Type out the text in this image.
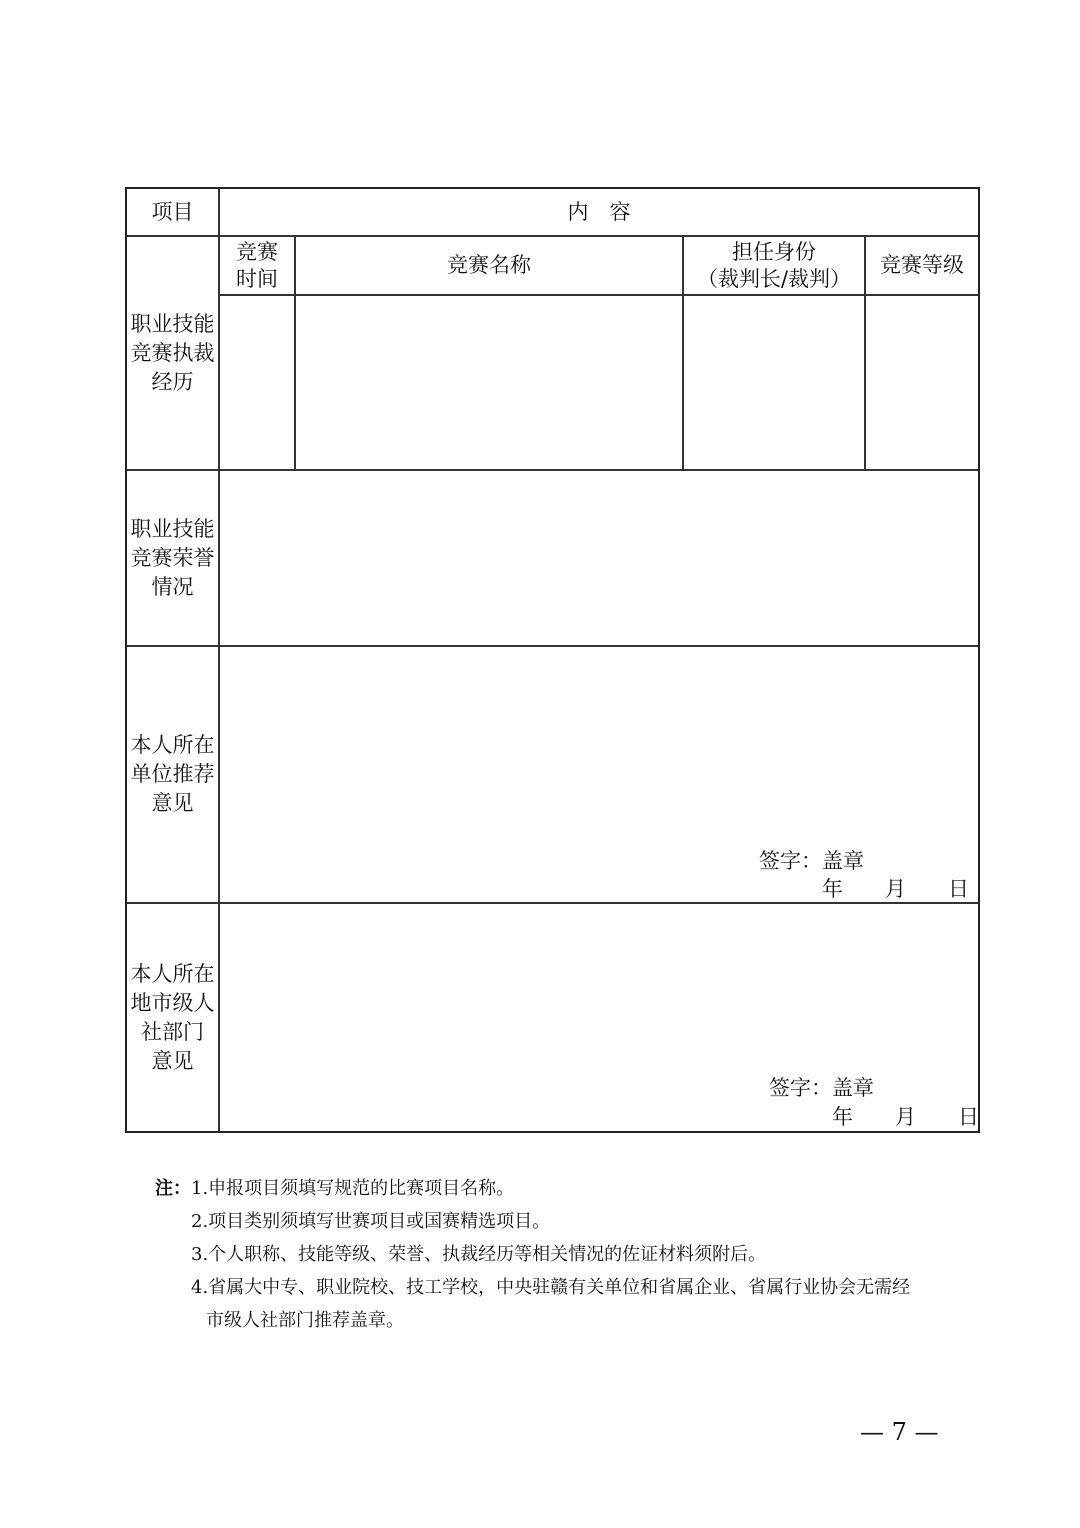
项目	内　容
竞赛
时间
竞赛名称
担任身份
（裁判长/裁判）
竞赛等级
职业技能
竞赛执裁
经历
职业技能
竞赛荣誉
情况
本人所在
单位推荐
意见
本人所在
地市级人
社部门
意见
签字：盖章
年　　月　　日
签字：盖章
年　　月　　日
注：1.申报项目须填写规范的比赛项目名称。
2.项目类别须填写世赛项目或国赛精选项目。
3.个人职称、技能等级、荣誉、执裁经历等相关情况的佐证材料须附后。
4.省属大中专、职业院校、技工学校，中央驻赣有关单位和省属企业、省属行业协会无需经
市级人社部门推荐盖章。
— 7 —
